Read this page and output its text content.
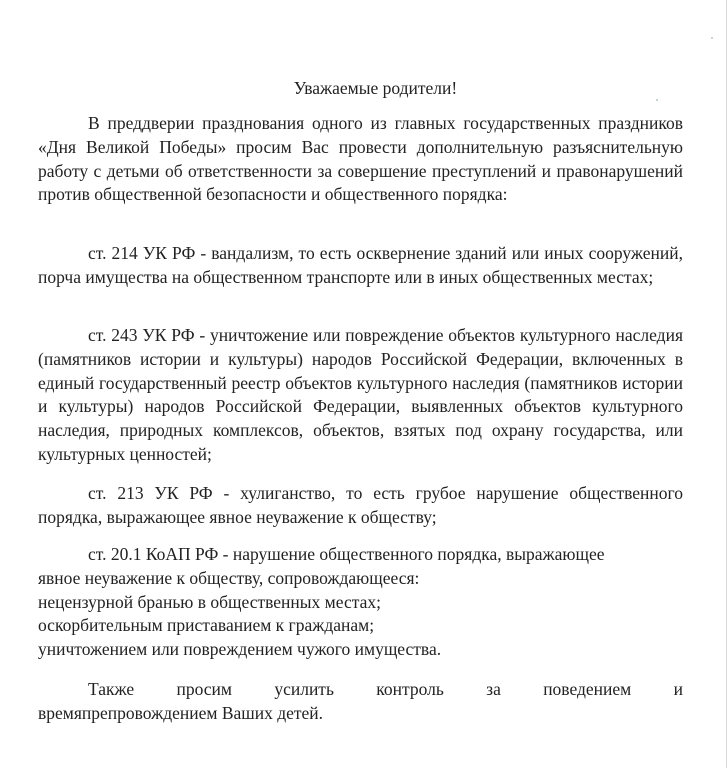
Уважаемые родители!

В преддверии празднования одного из главных государственных праздников «Дня Великой Победы» просим Вас провести дополнительную разъяснительную работу с детьми об ответственности за совершение преступлений и правонарушений против общественной безопасности и общественного порядка:

ст. 214 УК РФ - вандализм, то есть осквернение зданий или иных сооружений, порча имущества на общественном транспорте или в иных общественных местах;

ст. 243 УК РФ - уничтожение или повреждение объектов культурного наследия (памятников истории и культуры) народов Российской Федерации, включенных в единый государственный реестр объектов культурного наследия (памятников истории и культуры) народов Российской Федерации, выявленных объектов культурного наследия, природных комплексов, объектов, взятых под охрану государства, или культурных ценностей;

ст. 213 УК РФ - хулиганство, то есть грубое нарушение общественного порядка, выражающее явное неуважение к обществу;

ст. 20.1 КоАП РФ - нарушение общественного порядка, выражающее
явное неуважение к обществу, сопровождающееся:
нецензурной бранью в общественных местах;
оскорбительным приставанием к гражданам;
уничтожением или повреждением чужого имущества.
Также просим усилить контроль за поведением и
времяпрепровождением Ваших детей.
